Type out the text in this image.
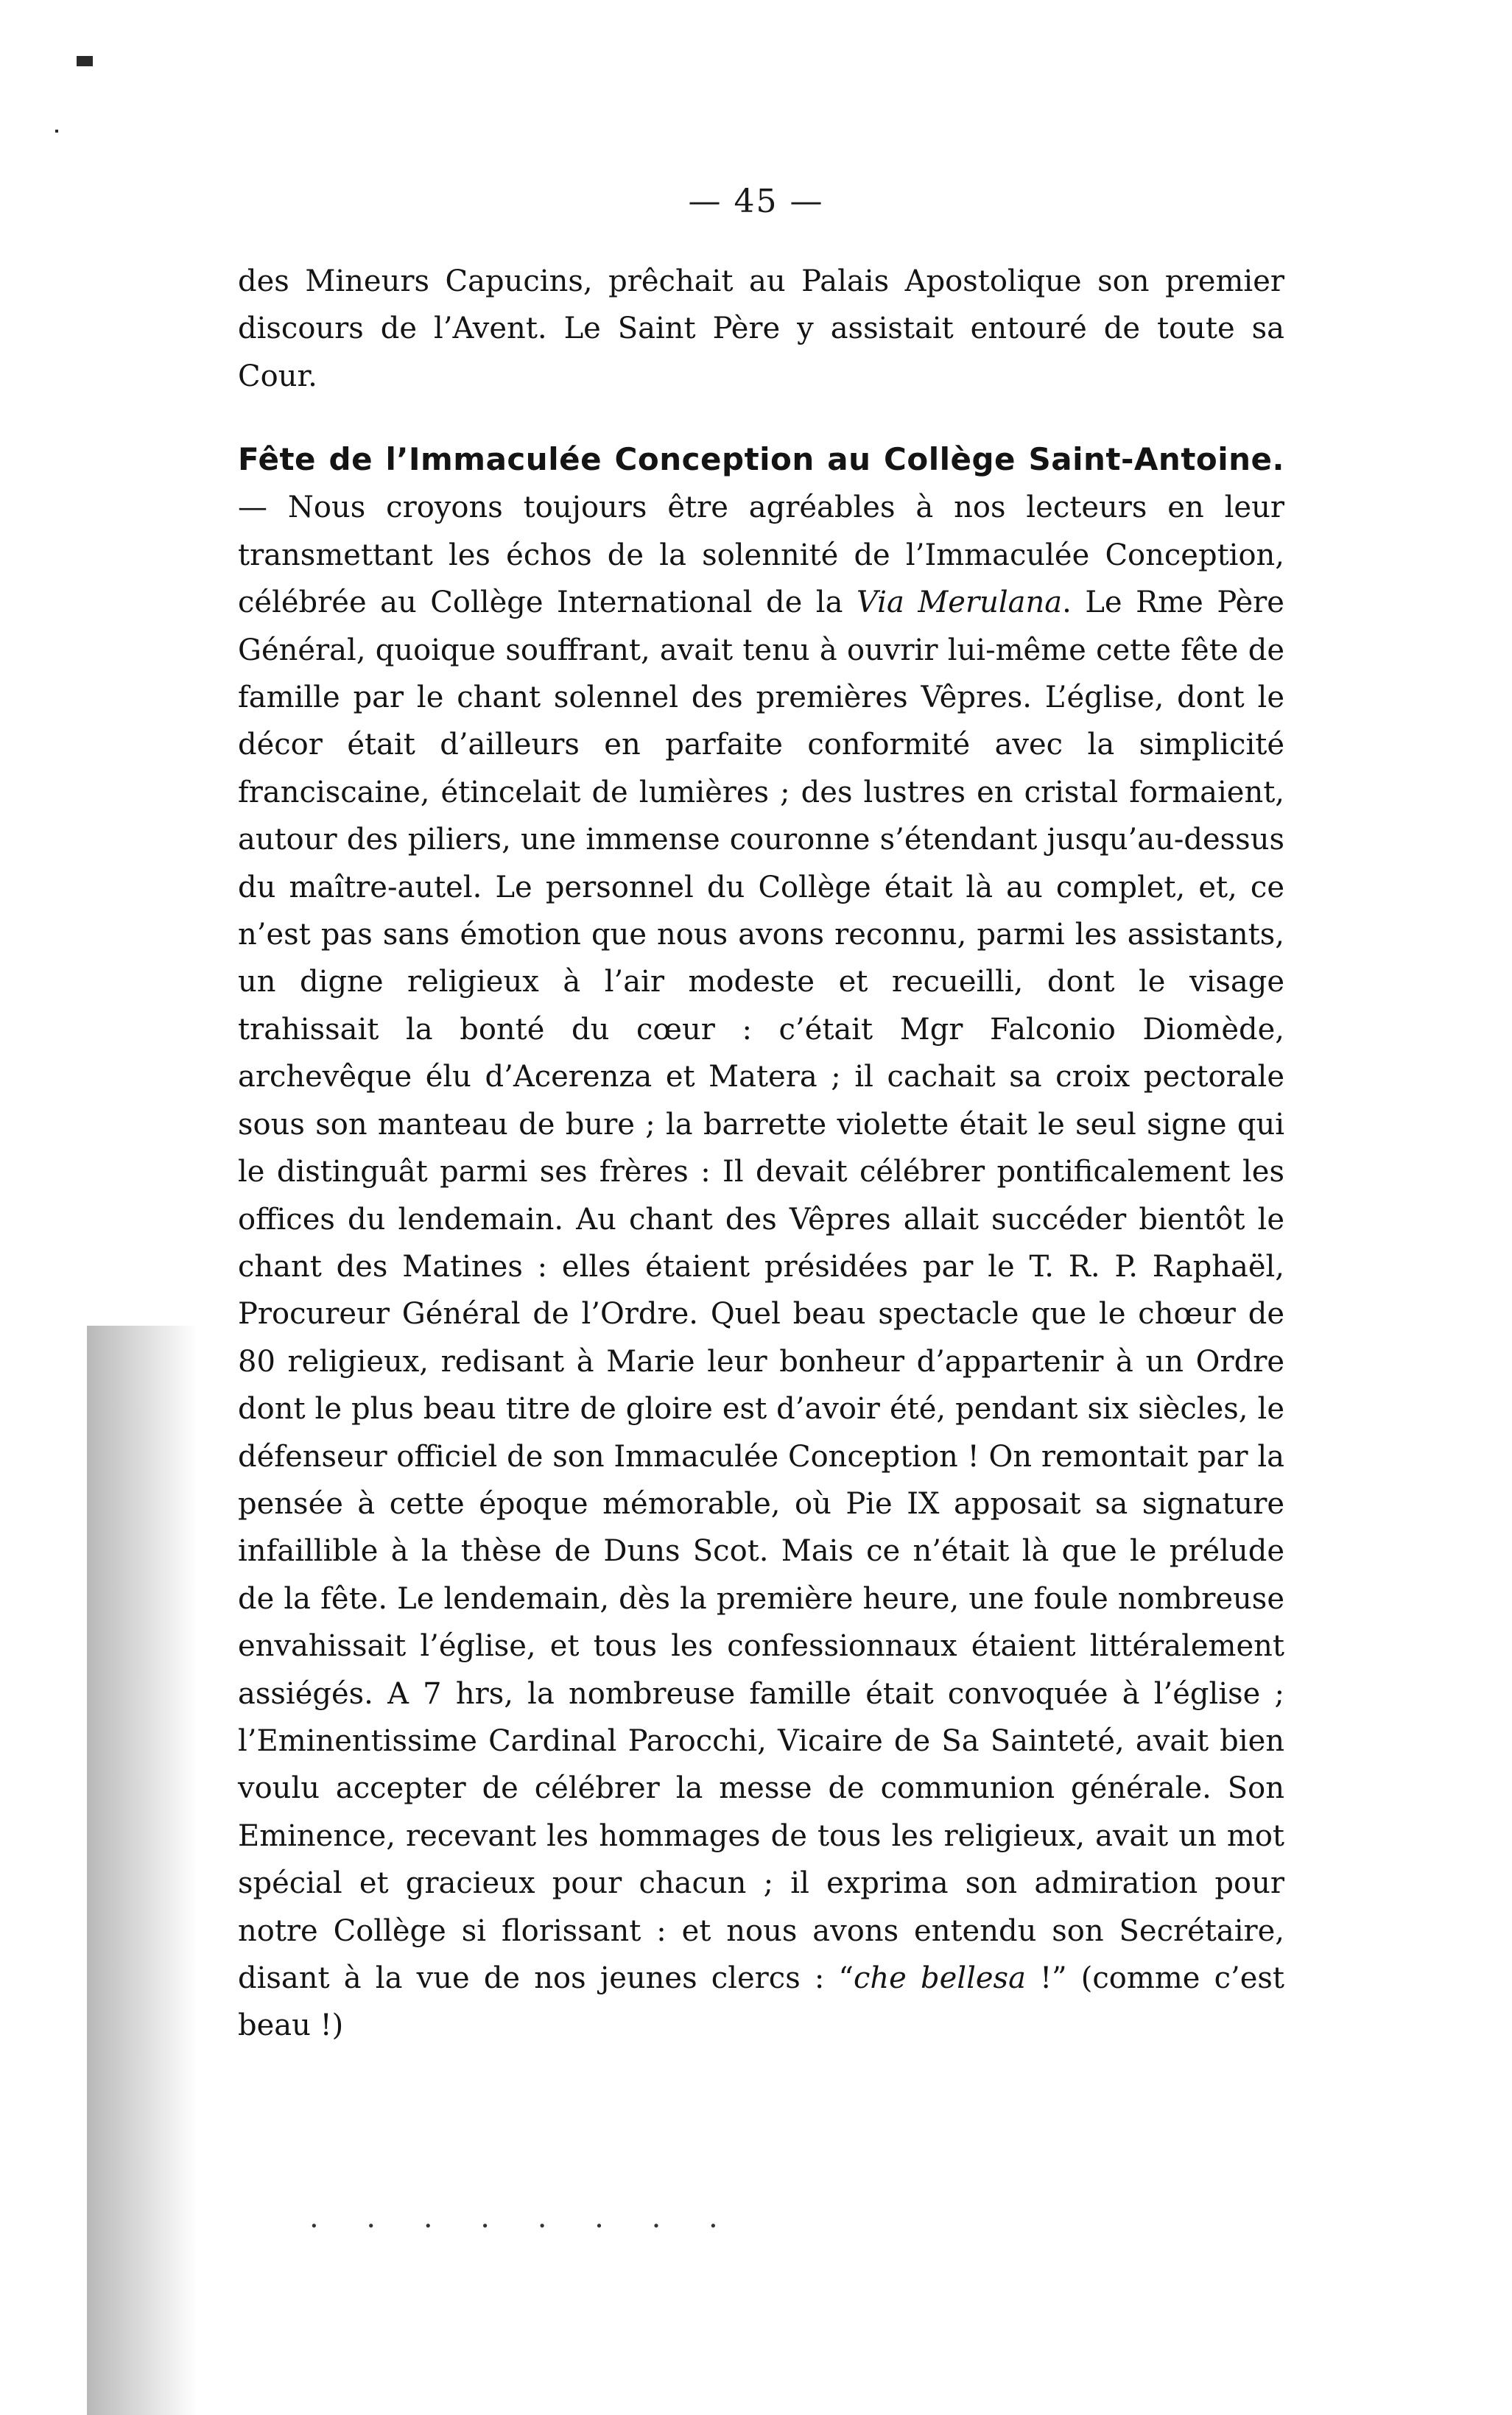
— 45 —

des Mineurs Capucins, prêchait au Palais Apostolique son premier discours de l’Avent. Le Saint Père y assistait entouré de toute sa Cour.

Fête de l’Immaculée Conception au Collège Saint-Antoine. — Nous croyons toujours être agréables à nos lecteurs en leur transmettant les échos de la solennité de l’Immaculée Conception, célébrée au Collège International de la Via Merulana. Le Rme Père Général, quoique souffrant, avait tenu à ouvrir lui-même cette fête de famille par le chant solennel des premières Vêpres. L’église, dont le décor était d’ailleurs en parfaite conformité avec la simplicité franciscaine, étincelait de lumières ; des lustres en cristal formaient, autour des piliers, une immense couronne s’étendant jusqu’au-dessus du maître-autel. Le personnel du Collège était là au complet, et, ce n’est pas sans émotion que nous avons reconnu, parmi les assistants, un digne religieux à l’air modeste et recueilli, dont le visage trahissait la bonté du cœur : c’était Mgr Falconio Diomède, archevêque élu d’Acerenza et Matera ; il cachait sa croix pectorale sous son manteau de bure ; la barrette violette était le seul signe qui le distinguât parmi ses frères : Il devait célébrer pontificalement les offices du lendemain. Au chant des Vêpres allait succéder bientôt le chant des Matines : elles étaient présidées par le T. R. P. Raphaël, Procureur Général de l’Ordre. Quel beau spectacle que le chœur de 80 religieux, redisant à Marie leur bonheur d’appartenir à un Ordre dont le plus beau titre de gloire est d’avoir été, pendant six siècles, le défenseur officiel de son Immaculée Conception ! On remontait par la pensée à cette époque mémorable, où Pie IX apposait sa signature infaillible à la thèse de Duns Scot. Mais ce n’était là que le prélude de la fête. Le lendemain, dès la première heure, une foule nombreuse envahissait l’église, et tous les confessionnaux étaient littéralement assiégés. A 7 hrs, la nombreuse famille était convoquée à l’église ; l’Eminentissime Cardinal Parocchi, Vicaire de Sa Sainteté, avait bien voulu accepter de célébrer la messe de communion générale. Son Eminence, recevant les hommages de tous les religieux, avait un mot spécial et gracieux pour chacun ; il exprima son admiration pour notre Collège si florissant : et nous avons entendu son Secrétaire, disant à la vue de nos jeunes clercs : “che bellesa !” (comme c’est beau !)

. . . . . . . .
